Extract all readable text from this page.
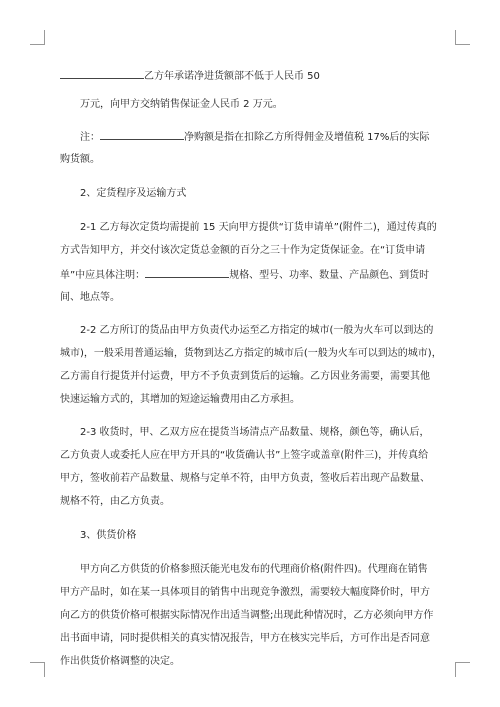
乙方年承诺净进货额部不低于人民币 50
万元，向甲方交纳销售保证金人民币 2 万元。
注：	净购额是指在扣除乙方所得佣金及增值税 17%后的实际
购货额。
2、定货程序及运输方式
2-1 乙方每次定货均需提前 15 天向甲方提供“订货申请单”(附件二)，通过传真的
方式告知甲方，并交付该次定货总金额的百分之三十作为定货保证金。在“订货申请
单”中应具体注明：	规格、型号、功率、数量、产品颜色、到货时
间、地点等。
2-2 乙方所订的货品由甲方负责代办运至乙方指定的城市(一般为火车可以到达的
城市)，一般采用普通运输，货物到达乙方指定的城市后(一般为火车可以到达的城市)，
乙方需自行提货并付运费，甲方不予负责到货后的运输。乙方因业务需要，需要其他
快速运输方式的，其增加的短途运输费用由乙方承担。
2-3 收货时，甲、乙双方应在提货当场清点产品数量、规格，颜色等，确认后，
乙方负责人或委托人应在甲方开具的“收货确认书”上签字或盖章(附件三)，并传真给
甲方，签收前若产品数量、规格与定单不符，由甲方负责，签收后若出现产品数量、
规格不符，由乙方负责。
3、供货价格
甲方向乙方供货的价格参照沃能光电发布的代理商价格(附件四)。代理商在销售
甲方产品时，如在某一具体项目的销售中出现竞争激烈，需要较大幅度降价时，甲方
向乙方的供货价格可根据实际情况作出适当调整;出现此种情况时，乙方必须向甲方作
出书面申请，同时提供相关的真实情况报告，甲方在核实完毕后，方可作出是否同意
作出供货价格调整的决定。
